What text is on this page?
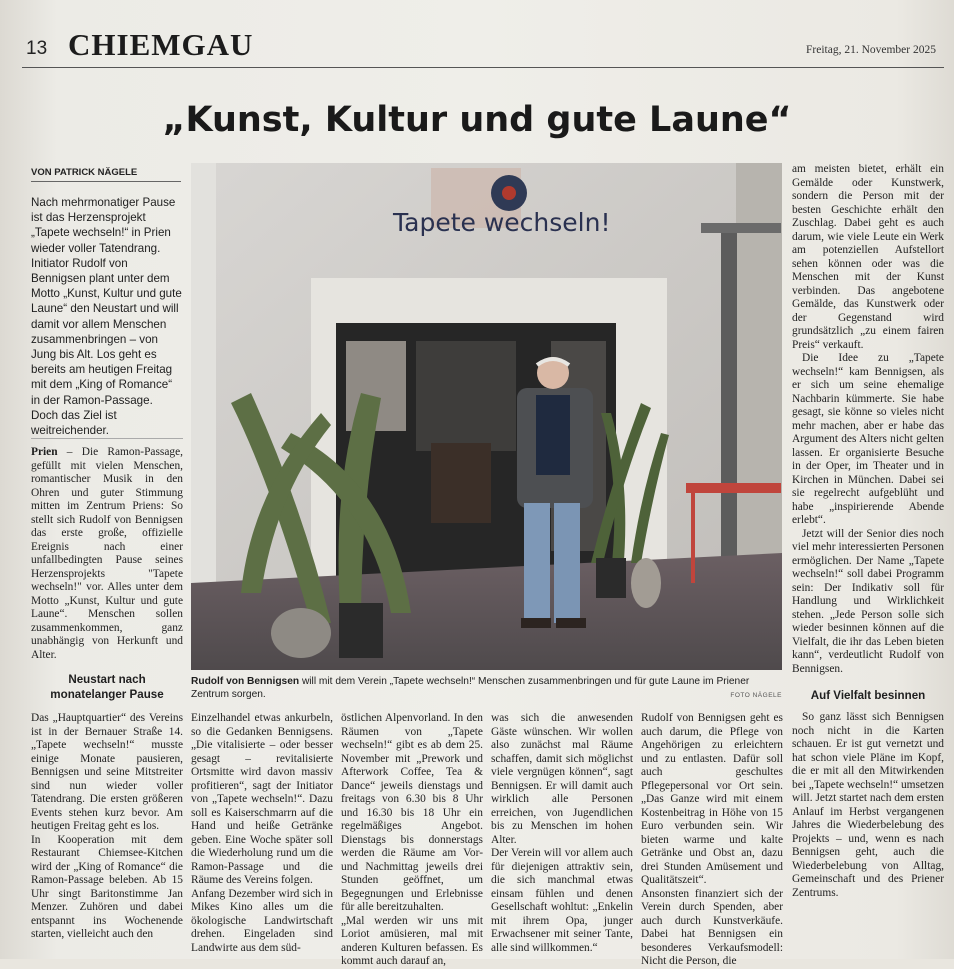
13 CHIEMGAU	Freitag, 21. November 2025
„Kunst, Kultur und gute Laune“
VON PATRICK NÄGELE
Nach mehrmonatiger Pause ist das Herzensprojekt „Tapete wechseln!“ in Prien wieder voller Tatendrang. Initiator Rudolf von Bennigsen plant unter dem Motto „Kunst, Kultur und gute Laune“ den Neustart und will damit vor allem Menschen zusammenbringen – von Jung bis Alt. Los geht es bereits am heutigen Freitag mit dem „King of Romance“ in der Ramon-Passage. Doch das Ziel ist weitreichender.

Prien – Die Ramon-Passage, gefüllt mit vielen Menschen, romantischer Musik in den Ohren und guter Stimmung mitten im Zentrum Priens: So stellt sich Rudolf von Bennigsen das erste große, offizielle Ereignis nach einer unfallbedingten Pause seines Herzensprojekts "Tapete wechseln!" vor. Alles unter dem Motto „Kunst, Kultur und gute Laune“. Menschen sollen zusammenkommen, ganz unabhängig von Herkunft und Alter.

Neustart nach monatelanger Pause
Tapete wechseln!
Rudolf von Bennigsen will mit dem Verein „Tapete wechseln!“ Menschen zusammenbringen und für gute Laune im Priener Zentrum sorgen.	FOTO NÄGELE

am meisten bietet, erhält ein Gemälde oder Kunstwerk, sondern die Person mit der besten Geschichte erhält den Zuschlag. Dabei geht es auch darum, wie viele Leute ein Werk am potenziellen Aufstellort sehen können oder was die Menschen mit der Kunst verbinden. Das angebotene Gemälde, das Kunstwerk oder der Gegenstand wird grundsätzlich „zu einem fairen Preis“ verkauft.

Die Idee zu „Tapete wechseln!“ kam Bennigsen, als er sich um seine ehemalige Nachbarin kümmerte. Sie habe gesagt, sie könne so vieles nicht mehr machen, aber er habe das Argument des Alters nicht gelten lassen. Er organisierte Besuche in der Oper, im Theater und in Kirchen in München. Dabei sei sie regelrecht aufgeblüht und habe „inspirierende Abende erlebt“.

Jetzt will der Senior dies noch viel mehr interessierten Personen ermöglichen. Der Name „Tapete wechseln!“ soll dabei Programm sein: Der Indikativ soll für Handlung und Wirklichkeit stehen. „Jede Person solle sich wieder besinnen können auf die Vielfalt, die ihr das Leben bieten kann“, verdeutlicht Rudolf von Bennigsen.

Auf Vielfalt besinnen

So ganz lässt sich Bennigsen noch nicht in die Karten schauen. Er ist gut vernetzt und hat schon viele Pläne im Kopf, die er mit all den Mitwirkenden bei „Tapete wechseln!“ umsetzen will. Jetzt startet nach dem ersten Anlauf im Herbst vergangenen Jahres die Wiederbelebung des Projekts – und, wenn es nach Bennigsen geht, auch die Wiederbelebung von Alltag, Gemeinschaft und des Priener Zentrums.

Das „Hauptquartier“ des Vereins ist in der Bernauer Straße 14. „Tapete wechseln!“ musste einige Monate pausieren, Bennigsen und seine Mitstreiter sind nun wieder voller Tatendrang. Die ersten größeren Events stehen kurz bevor. Am heutigen Freitag geht es los.
In Kooperation mit dem Restaurant Chiemsee-Kitchen wird der „King of Romance“ die Ramon-Passage beleben. Ab 15 Uhr singt Baritonstimme Jan Menzer. Zuhören und dabei entspannt ins Wochenende starten, vielleicht auch den
Einzelhandel etwas ankurbeln, so die Gedanken Bennigsens. „Die vitalisierte – oder besser gesagt – revitalisierte Ortsmitte wird davon massiv profitieren“, sagt der Initiator von „Tapete wechseln!“. Dazu soll es Kaiserschmarrn auf die Hand und heiße Getränke geben. Eine Woche später soll die Wiederholung rund um die Ramon-Passage und die Räume des Vereins folgen.
Anfang Dezember wird sich in Mikes Kino alles um die ökologische Landwirtschaft drehen. Eingeladen sind Landwirte aus dem süd-
östlichen Alpenvorland. In den Räumen von „Tapete wechseln!“ gibt es ab dem 25. November mit „Prework und Afterwork Coffee, Tea & Dance“ jeweils dienstags und freitags von 6.30 bis 8 Uhr und 16.30 bis 18 Uhr ein regelmäßiges Angebot. Dienstags bis donnerstags werden die Räume am Vor- und Nachmittag jeweils drei Stunden geöffnet, um Begegnungen und Erlebnisse für alle bereitzuhalten.
„Mal werden wir uns mit Loriot amüsieren, mal mit anderen Kulturen befassen. Es kommt auch darauf an,
was sich die anwesenden Gäste wünschen. Wir wollen also zunächst mal Räume schaffen, damit sich möglichst viele vergnügen können“, sagt Bennigsen. Er will damit auch wirklich alle Personen erreichen, von Jugendlichen bis zu Menschen im hohen Alter.
Der Verein will vor allem auch für diejenigen attraktiv sein, die sich manchmal etwas einsam fühlen und denen Gesellschaft wohltut: „Enkelin mit ihrem Opa, junger Erwachsener mit seiner Tante, alle sind willkommen.“
Rudolf von Bennigsen geht es auch darum, die Pflege von Angehörigen zu erleichtern und zu entlasten. Dafür soll auch geschultes Pflegepersonal vor Ort sein. „Das Ganze wird mit einem Kostenbeitrag in Höhe von 15 Euro verbunden sein. Wir bieten warme und kalte Getränke und Obst an, dazu drei Stunden Amüsement und Qualitätszeit“.
Ansonsten finanziert sich der Verein durch Spenden, aber auch durch Kunstverkäufe. Dabei hat Bennigsen ein besonderes Verkaufsmodell: Nicht die Person, die
